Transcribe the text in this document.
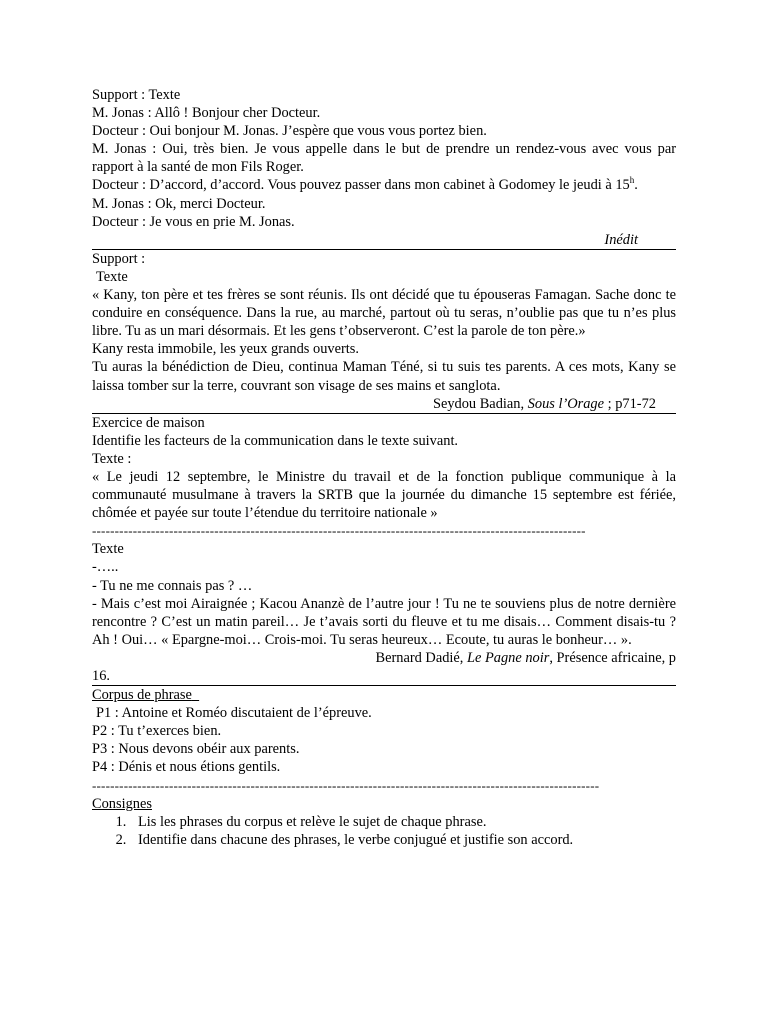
Support : Texte

M. Jonas : Allô ! Bonjour cher Docteur.

Docteur : Oui bonjour M. Jonas. J’espère que vous vous portez bien.

M. Jonas : Oui, très bien. Je vous appelle dans le but de prendre un rendez-vous avec vous par rapport à la santé de mon Fils Roger.

Docteur : D’accord, d’accord. Vous pouvez passer dans mon cabinet à Godomey le jeudi à 15$^h$.

M. Jonas : Ok, merci Docteur.

Docteur : Je vous en prie M. Jonas.

Inédit

Support :

Texte

« Kany, ton père et tes frères se sont réunis. Ils ont décidé que tu épouseras Famagan. Sache donc te conduire en conséquence. Dans la rue, au marché, partout où tu seras, n’oublie pas que tu n’es plus libre. Tu as un mari désormais. Et les gens t’observeront. C’est la parole de ton père.»

Kany resta immobile, les yeux grands ouverts.

Tu auras la bénédiction de Dieu, continua Maman Téné, si tu suis tes parents. A ces mots, Kany se laissa tomber sur la terre, couvrant son visage de ses mains et sanglota.

Seydou Badian, Sous l’Orage ; p71-72

Exercice de maison

Identifie les facteurs de la communication dans le texte suivant.

Texte :

« Le jeudi 12 septembre, le Ministre du travail et de la fonction publique communique à la communauté musulmane à travers la SRTB que la journée du dimanche 15 septembre est fériée, chômée et payée sur toute l’étendue du territoire nationale »

-------------------------------------------------------------------------------------------------------------

Texte

-…..

- Tu ne me connais pas ? …

- Mais c’est moi Airaignée ; Kacou Ananzè de l’autre jour ! Tu ne te souviens plus de notre dernière rencontre ? C’est un matin pareil… Je t’avais sorti du fleuve et tu me disais… Comment disais-tu ? Ah ! Oui… « Epargne-moi… Crois-moi. Tu seras heureux… Ecoute, tu auras le bonheur… ».

Bernard Dadié, Le Pagne noir, Présence africaine, p

16.

Corpus de phrase

P1 : Antoine et Roméo discutaient de l’épreuve.

P2 : Tu t’exerces bien.

P3 : Nous devons obéir aux parents.

P4 : Dénis et nous étions gentils.

----------------------------------------------------------------------------------------------------------------

Consignes

1. Lis les phrases du corpus et relève le sujet de chaque phrase.
2. Identifie dans chacune des phrases, le verbe conjugué et justifie son accord.
